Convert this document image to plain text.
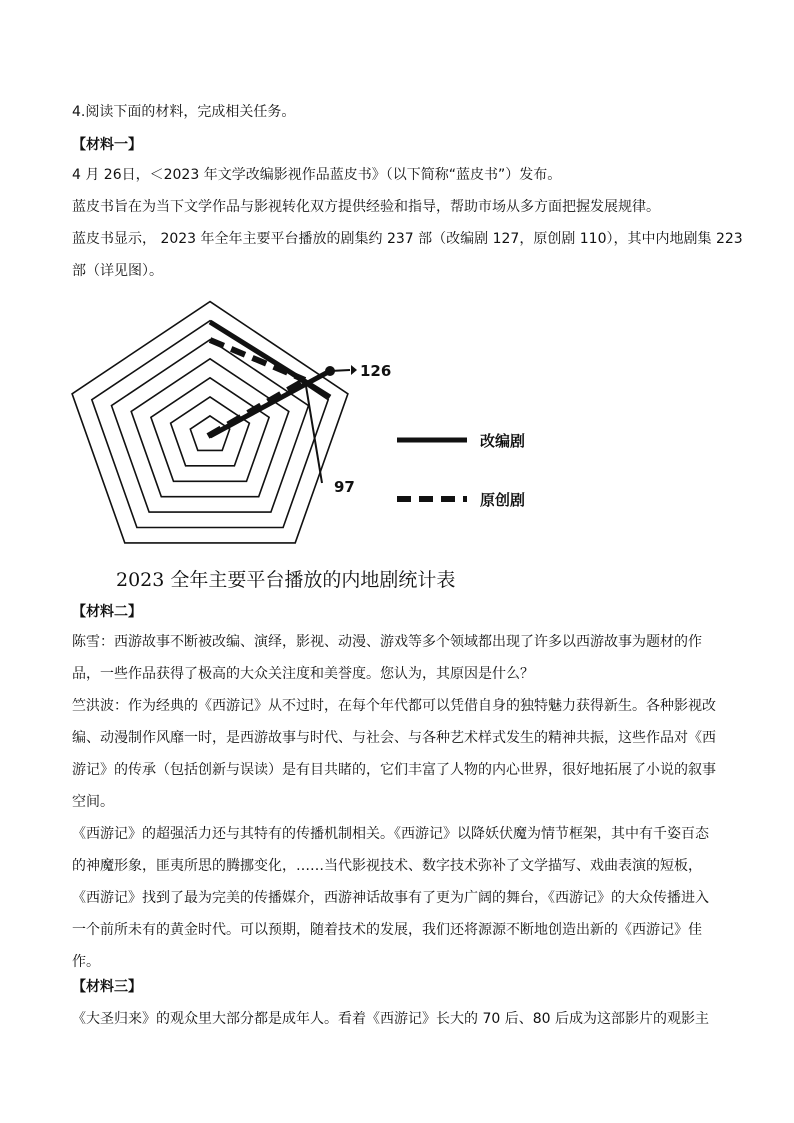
4.阅读下面的材料，完成相关任务。
【材料一】
4 月 26日，＜2023 年文学改编影视作品蓝皮书》（以下简称“蓝皮书”）发布。
蓝皮书旨在为当下文学作品与影视转化双方提供经验和指导，帮助市场从多方面把握发展规律。
蓝皮书显示， 2023 年全年主要平台播放的剧集约 237 部（改编剧 127，原创剧 110），其中内地剧集 223
部（详见图）。
126
97
改编剧
原创剧
2023 全年主要平台播放的内地剧统计表
【材料二】
陈雪：西游故事不断被改编、演绎，影视、动漫、游戏等多个领域都出现了许多以西游故事为题材的作品，一些作品获得了极高的大众关注度和美誉度。您认为，其原因是什么？
竺洪波：作为经典的《西游记》从不过时，在每个年代都可以凭借自身的独特魅力获得新生。各种影视改编、动漫制作风靡一时，是西游故事与时代、与社会、与各种艺术样式发生的精神共振，这些作品对《西游记》的传承（包括创新与误读）是有目共睹的，它们丰富了人物的内心世界，很好地拓展了小说的叙事空间。
《西游记》的超强活力还与其特有的传播机制相关。《西游记》以降妖伏魔为情节框架，其中有千姿百态的神魔形象，匪夷所思的腾挪变化，……当代影视技术、数字技术弥补了文学描写、戏曲表演的短板，《西游记》找到了最为完美的传播媒介，西游神话故事有了更为广阔的舞台，《西游记》的大众传播进入一个前所未有的黄金时代。可以预期，随着技术的发展，我们还将源源不断地创造出新的《西游记》佳作。
【材料三】
《大圣归来》的观众里大部分都是成年人。看着《西游记》长大的 70 后、80 后成为这部影片的观影主
